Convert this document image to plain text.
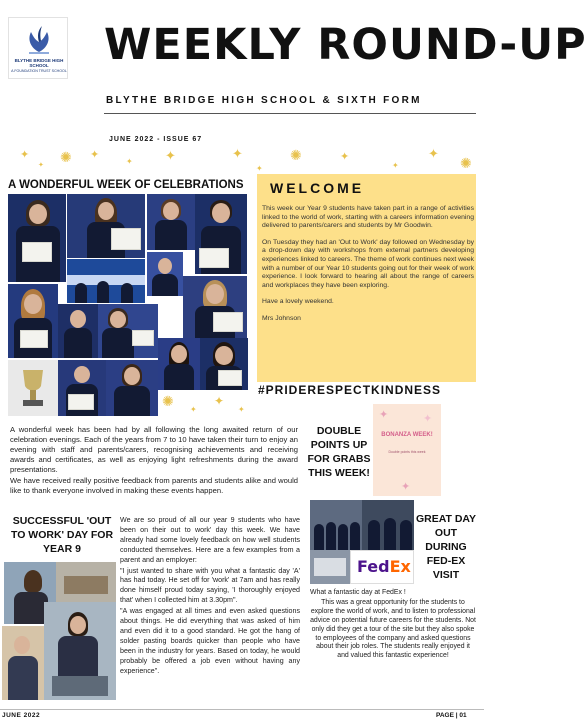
BLYTHE BRIDGE HIGH SCHOOL
A FOUNDATION TRUST SCHOOL
WEEKLY ROUND-UP
BLYTHE BRIDGE HIGH SCHOOL & SIXTH FORM
JUNE 2022 - ISSUE 67
✦
✦
✺ ✦
✦ ✦	✦
✦
✺	✦
✦
✦
✺
A WONDERFUL WEEK OF CELEBRATIONS
✺
✦
✦
✦

A wonderful week has been had by all following the long awaited return of our celebration evenings. Each of the years from 7 to 10 have taken their turn to enjoy an evening with staff and parents/carers, recognising achievements and receiving awards and certificates, as well as enjoying light refreshments during the award presentations.

We have received really positive feedback from parents and students alike and would like to thank everyone involved in making these events happen.

WELCOME

This week our Year 9 students have taken part in a range of activities linked to the world of work, starting with a careers information evening delivered to parents/carers and students by Mr Goodwin.

On Tuesday they had an 'Out to Work' day followed on Wednesday by a drop-down day with workshops from external partners developing experiences linked to careers. The theme of work continues next week with a number of our Year 10 students going out for their week of work experience. I look forward to hearing all about the range of careers and workplaces they have been exploring.

Have a lovely weekend.

Mrs Johnson

#PRIDERESPECTKINDNESS
DOUBLE POINTS UP FOR GRABS THIS WEEK!
✦	✦
✦
BONANZA WEEK!
Double points this week
SUCCESSFUL 'OUT TO WORK' DAY FOR YEAR 9

We are so proud of all our year 9 students who have been on their out to work' day this week. We have already had some lovely feedback on how well students conducted themselves. Here are a few examples from a parent and an employer:

"I just wanted to share with you what a fantastic day 'A' has had today. He set off for 'work' at 7am and has really done himself proud today saying, 'I thoroughly enjoyed that' when I collected him at 3.30pm".

"A was engaged at all times and even asked questions about things. He did everything that was asked of him and even did it to a good standard. He got the hang of solder pasting boards quicker than people who have been in the industry for years. Based on today, he would probably be offered a job even without having any experience".

FedEx
GREAT DAY OUT DURING FED-EX VISIT

What a fantastic day at FedEx !

This was a great opportunity for the students to explore the world of work, and to listen to professional advice on potential future careers for the students. Not only did they get a tour of the site but they also spoke to employees of the company and asked questions about their job roles. The students really enjoyed it and valued this fantastic experience!

JUNE 2022	PAGE | 01
